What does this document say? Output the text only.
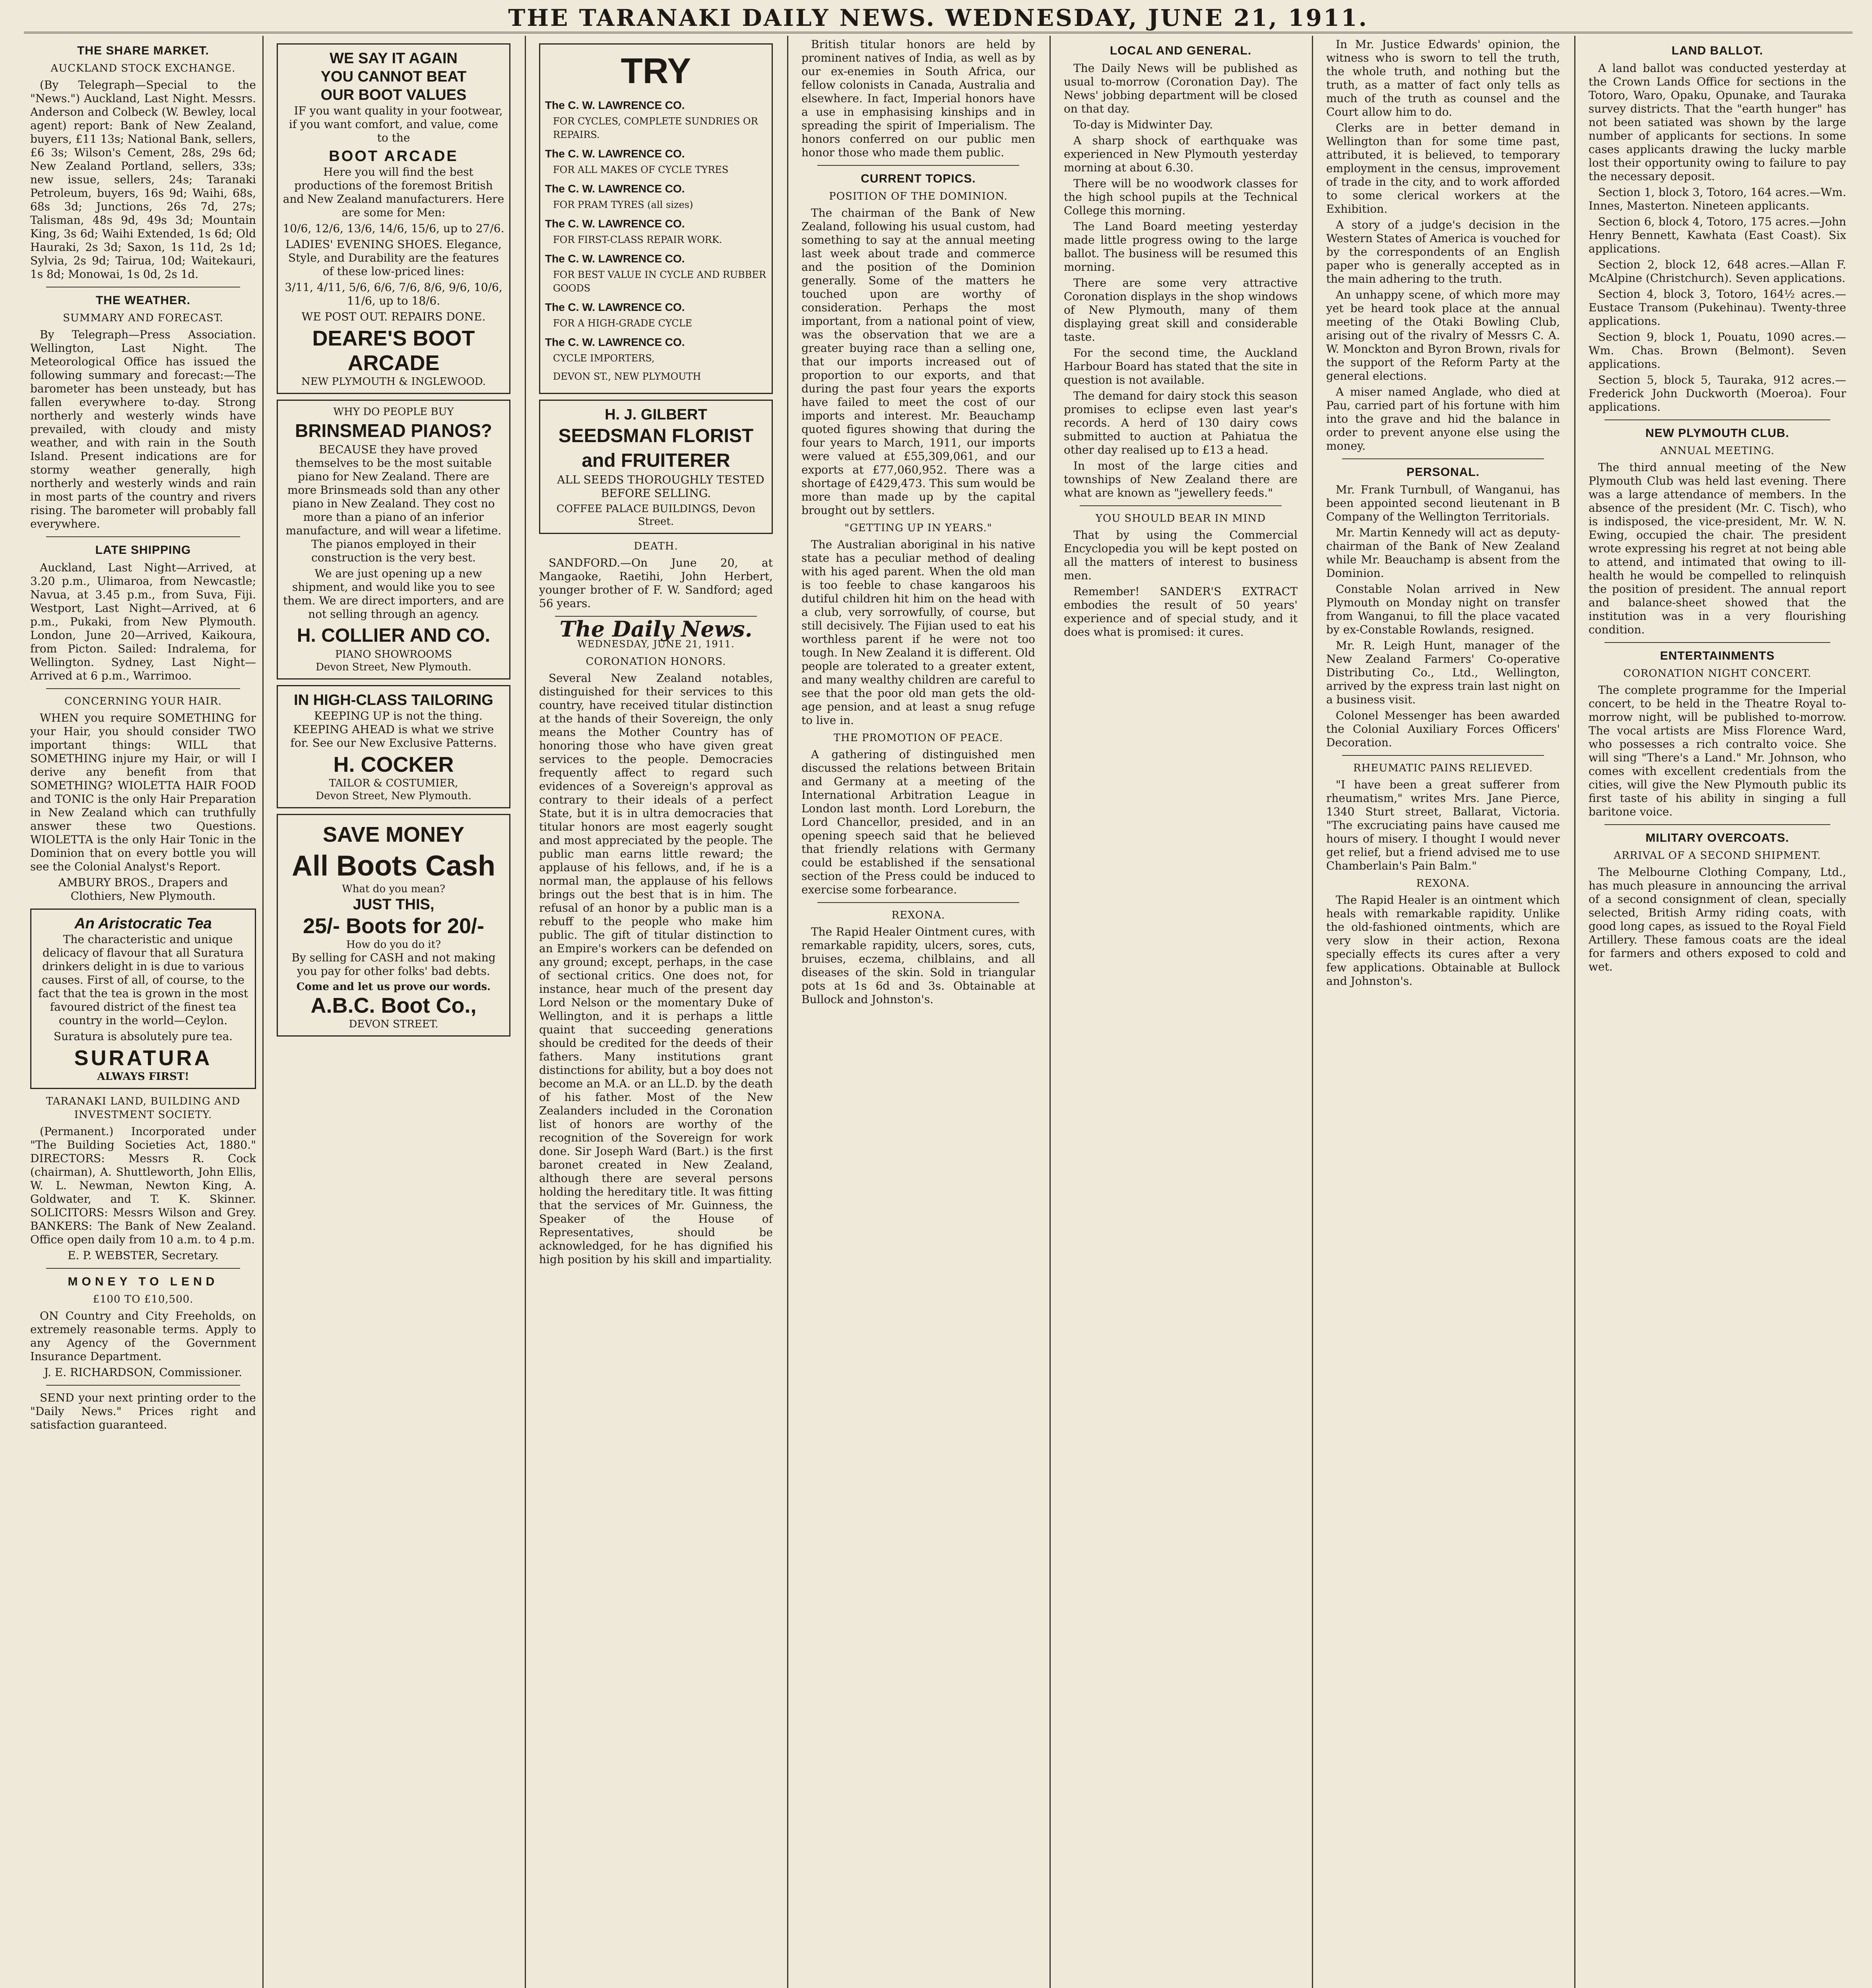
THE TARANAKI DAILY NEWS. WEDNESDAY, JUNE 21, 1911.
THE SHARE MARKET.
AUCKLAND STOCK EXCHANGE.

(By Telegraph—Special to the "News.") Auckland, Last Night. Messrs. Anderson and Colbeck (W. Bewley, local agent) report: Bank of New Zealand, buyers, £11 13s; National Bank, sellers, £6 3s; Wilson's Cement, 28s, 29s 6d; New Zealand Portland, sellers, 33s; new issue, sellers, 24s; Taranaki Petroleum, buyers, 16s 9d; Waihi, 68s, 68s 3d; Junctions, 26s 7d, 27s; Talisman, 48s 9d, 49s 3d; Mountain King, 3s 6d; Waihi Extended, 1s 6d; Old Hauraki, 2s 3d; Saxon, 1s 11d, 2s 1d; Sylvia, 2s 9d; Tairua, 10d; Waitekauri, 1s 8d; Monowai, 1s 0d, 2s 1d.

THE WEATHER.
SUMMARY AND FORECAST.

By Telegraph—Press Association. Wellington, Last Night. The Meteorological Office has issued the following summary and forecast:—The barometer has been unsteady, but has fallen everywhere to-day. Strong northerly and westerly winds have prevailed, with cloudy and misty weather, and with rain in the South Island. Present indications are for stormy weather generally, high northerly and westerly winds and rain in most parts of the country and rivers rising. The barometer will probably fall everywhere.

LATE SHIPPING

Auckland, Last Night—Arrived, at 3.20 p.m., Ulimaroa, from Newcastle; Navua, at 3.45 p.m., from Suva, Fiji. Westport, Last Night—Arrived, at 6 p.m., Pukaki, from New Plymouth. London, June 20—Arrived, Kaikoura, from Picton. Sailed: Indralema, for Wellington. Sydney, Last Night—Arrived at 6 p.m., Warrimoo.

CONCERNING YOUR HAIR.

WHEN you require SOMETHING for your Hair, you should consider TWO important things: WILL that SOMETHING injure my Hair, or will I derive any benefit from that SOMETHING? WIOLETTA HAIR FOOD and TONIC is the only Hair Preparation in New Zealand which can truthfully answer these two Questions. WIOLETTA is the only Hair Tonic in the Dominion that on every bottle you will see the Colonial Analyst's Report.

AMBURY BROS., Drapers and Clothiers, New Plymouth.

An Aristocratic Tea

The characteristic and unique delicacy of flavour that all Suratura drinkers delight in is due to various causes. First of all, of course, to the fact that the tea is grown in the most favoured district of the finest tea country in the world—Ceylon.

Suratura is absolutely pure tea.

SURATURA
ALWAYS FIRST!
TARANAKI LAND, BUILDING AND INVESTMENT SOCIETY.

(Permanent.) Incorporated under "The Building Societies Act, 1880." DIRECTORS: Messrs R. Cock (chairman), A. Shuttleworth, John Ellis, W. L. Newman, Newton King, A. Goldwater, and T. K. Skinner. SOLICITORS: Messrs Wilson and Grey. BANKERS: The Bank of New Zealand. Office open daily from 10 a.m. to 4 p.m.

E. P. WEBSTER, Secretary.

MONEY TO LEND
£100 TO £10,500.

ON Country and City Freeholds, on extremely reasonable terms. Apply to any Agency of the Government Insurance Department.

J. E. RICHARDSON, Commissioner.

SEND your next printing order to the "Daily News." Prices right and satisfaction guaranteed.

WE SAY IT AGAIN
YOU CANNOT BEAT
OUR BOOT VALUES

IF you want quality in your footwear, if you want comfort, and value, come to the

BOOT ARCADE

Here you will find the best productions of the foremost British and New Zealand manufacturers. Here are some for Men:

10/6, 12/6, 13/6, 14/6, 15/6, up to 27/6.

LADIES' EVENING SHOES. Elegance, Style, and Durability are the features of these low-priced lines:

3/11, 4/11, 5/6, 6/6, 7/6, 8/6, 9/6, 10/6, 11/6, up to 18/6.

WE POST OUT. REPAIRS DONE.

DEARE'S BOOT ARCADE
NEW PLYMOUTH & INGLEWOOD.
WHY DO PEOPLE BUY
BRINSMEAD PIANOS?

BECAUSE they have proved themselves to be the most suitable piano for New Zealand. There are more Brinsmeads sold than any other piano in New Zealand. They cost no more than a piano of an inferior manufacture, and will wear a lifetime. The pianos employed in their construction is the very best.

We are just opening up a new shipment, and would like you to see them. We are direct importers, and are not selling through an agency.

H. COLLIER AND CO.
PIANO SHOWROOMS
Devon Street, New Plymouth.
IN HIGH-CLASS TAILORING

KEEPING UP is not the thing. KEEPING AHEAD is what we strive for. See our New Exclusive Patterns.

H. COCKER
TAILOR & COSTUMIER,
Devon Street, New Plymouth.
SAVE MONEY
All Boots Cash
What do you mean?
JUST THIS,
25/- Boots for 20/-
How do you do it?

By selling for CASH and not making you pay for other folks' bad debts.

Come and let us prove our words.
A.B.C. Boot Co.,
DEVON STREET.
TRY
The C. W. LAWRENCE CO.
FOR CYCLES, COMPLETE SUNDRIES OR REPAIRS.
The C. W. LAWRENCE CO.
FOR ALL MAKES OF CYCLE TYRES
The C. W. LAWRENCE CO.
FOR PRAM TYRES (all sizes)
The C. W. LAWRENCE CO.
FOR FIRST-CLASS REPAIR WORK.
The C. W. LAWRENCE CO.
FOR BEST VALUE IN CYCLE AND RUBBER GOODS
The C. W. LAWRENCE CO.
FOR A HIGH-GRADE CYCLE
The C. W. LAWRENCE CO.
CYCLE IMPORTERS,
DEVON ST., NEW PLYMOUTH
H. J. GILBERT
SEEDSMAN FLORIST and FRUITERER

ALL SEEDS THOROUGHLY TESTED BEFORE SELLING.

COFFEE PALACE BUILDINGS, Devon Street.
DEATH.

SANDFORD.—On June 20, at Mangaoke, Raetihi, John Herbert, younger brother of F. W. Sandford; aged 56 years.

The Daily News.
WEDNESDAY, JUNE 21, 1911.
CORONATION HONORS.

Several New Zealand notables, distinguished for their services to this country, have received titular distinction at the hands of their Sovereign, the only means the Mother Country has of honoring those who have given great services to the people. Democracies frequently affect to regard such evidences of a Sovereign's approval as contrary to their ideals of a perfect State, but it is in ultra democracies that titular honors are most eagerly sought and most appreciated by the people. The public man earns little reward; the applause of his fellows, and, if he is a normal man, the applause of his fellows brings out the best that is in him. The refusal of an honor by a public man is a rebuff to the people who make him public. The gift of titular distinction to an Empire's workers can be defended on any ground; except, perhaps, in the case of sectional critics. One does not, for instance, hear much of the present day Lord Nelson or the momentary Duke of Wellington, and it is perhaps a little quaint that succeeding generations should be credited for the deeds of their fathers. Many institutions grant distinctions for ability, but a boy does not become an M.A. or an LL.D. by the death of his father. Most of the New Zealanders included in the Coronation list of honors are worthy of the recognition of the Sovereign for work done. Sir Joseph Ward (Bart.) is the first baronet created in New Zealand, although there are several persons holding the hereditary title. It was fitting that the services of Mr. Guinness, the Speaker of the House of Representatives, should be acknowledged, for he has dignified his high position by his skill and impartiality.

British titular honors are held by prominent natives of India, as well as by our ex-enemies in South Africa, our fellow colonists in Canada, Australia and elsewhere. In fact, Imperial honors have a use in emphasising kinships and in spreading the spirit of Imperialism. The honors conferred on our public men honor those who made them public.

CURRENT TOPICS.
POSITION OF THE DOMINION.

The chairman of the Bank of New Zealand, following his usual custom, had something to say at the annual meeting last week about trade and commerce and the position of the Dominion generally. Some of the matters he touched upon are worthy of consideration. Perhaps the most important, from a national point of view, was the observation that we are a greater buying race than a selling one, that our imports increased out of proportion to our exports, and that during the past four years the exports have failed to meet the cost of our imports and interest. Mr. Beauchamp quoted figures showing that during the four years to March, 1911, our imports were valued at £55,309,061, and our exports at £77,060,952. There was a shortage of £429,473. This sum would be more than made up by the capital brought out by settlers.

"GETTING UP IN YEARS."

The Australian aboriginal in his native state has a peculiar method of dealing with his aged parent. When the old man is too feeble to chase kangaroos his dutiful children hit him on the head with a club, very sorrowfully, of course, but still decisively. The Fijian used to eat his worthless parent if he were not too tough. In New Zealand it is different. Old people are tolerated to a greater extent, and many wealthy children are careful to see that the poor old man gets the old-age pension, and at least a snug refuge to live in.

THE PROMOTION OF PEACE.

A gathering of distinguished men discussed the relations between Britain and Germany at a meeting of the International Arbitration League in London last month. Lord Loreburn, the Lord Chancellor, presided, and in an opening speech said that he believed that friendly relations with Germany could be established if the sensational section of the Press could be induced to exercise some forbearance.

REXONA.

The Rapid Healer Ointment cures, with remarkable rapidity, ulcers, sores, cuts, bruises, eczema, chilblains, and all diseases of the skin. Sold in triangular pots at 1s 6d and 3s. Obtainable at Bullock and Johnston's.

LOCAL AND GENERAL.

The Daily News will be published as usual to-morrow (Coronation Day). The News' jobbing department will be closed on that day.

To-day is Midwinter Day.

A sharp shock of earthquake was experienced in New Plymouth yesterday morning at about 6.30.

There will be no woodwork classes for the high school pupils at the Technical College this morning.

The Land Board meeting yesterday made little progress owing to the large ballot. The business will be resumed this morning.

There are some very attractive Coronation displays in the shop windows of New Plymouth, many of them displaying great skill and considerable taste.

For the second time, the Auckland Harbour Board has stated that the site in question is not available.

The demand for dairy stock this season promises to eclipse even last year's records. A herd of 130 dairy cows submitted to auction at Pahiatua the other day realised up to £13 a head.

In most of the large cities and townships of New Zealand there are what are known as "jewellery feeds."

YOU SHOULD BEAR IN MIND

That by using the Commercial Encyclopedia you will be kept posted on all the matters of interest to business men.

Remember! SANDER'S EXTRACT embodies the result of 50 years' experience and of special study, and it does what is promised: it cures.

In Mr. Justice Edwards' opinion, the witness who is sworn to tell the truth, the whole truth, and nothing but the truth, as a matter of fact only tells as much of the truth as counsel and the Court allow him to do.

Clerks are in better demand in Wellington than for some time past, attributed, it is believed, to temporary employment in the census, improvement of trade in the city, and to work afforded to some clerical workers at the Exhibition.

A story of a judge's decision in the Western States of America is vouched for by the correspondents of an English paper who is generally accepted as in the main adhering to the truth.

An unhappy scene, of which more may yet be heard took place at the annual meeting of the Otaki Bowling Club, arising out of the rivalry of Messrs C. A. W. Monckton and Byron Brown, rivals for the support of the Reform Party at the general elections.

A miser named Anglade, who died at Pau, carried part of his fortune with him into the grave and hid the balance in order to prevent anyone else using the money.

PERSONAL.

Mr. Frank Turnbull, of Wanganui, has been appointed second lieutenant in B Company of the Wellington Territorials.

Mr. Martin Kennedy will act as deputy-chairman of the Bank of New Zealand while Mr. Beauchamp is absent from the Dominion.

Constable Nolan arrived in New Plymouth on Monday night on transfer from Wanganui, to fill the place vacated by ex-Constable Rowlands, resigned.

Mr. R. Leigh Hunt, manager of the New Zealand Farmers' Co-operative Distributing Co., Ltd., Wellington, arrived by the express train last night on a business visit.

Colonel Messenger has been awarded the Colonial Auxiliary Forces Officers' Decoration.

RHEUMATIC PAINS RELIEVED.

"I have been a great sufferer from rheumatism," writes Mrs. Jane Pierce, 1340 Sturt street, Ballarat, Victoria. "The excruciating pains have caused me hours of misery. I thought I would never get relief, but a friend advised me to use Chamberlain's Pain Balm."

REXONA.

The Rapid Healer is an ointment which heals with remarkable rapidity. Unlike the old-fashioned ointments, which are very slow in their action, Rexona specially effects its cures after a very few applications. Obtainable at Bullock and Johnston's.

LAND BALLOT.

A land ballot was conducted yesterday at the Crown Lands Office for sections in the Totoro, Waro, Opaku, Opunake, and Tauraka survey districts. That the "earth hunger" has not been satiated was shown by the large number of applicants for sections. In some cases applicants drawing the lucky marble lost their opportunity owing to failure to pay the necessary deposit.

Section 1, block 3, Totoro, 164 acres.—Wm. Innes, Masterton. Nineteen applicants.

Section 6, block 4, Totoro, 175 acres.—John Henry Bennett, Kawhata (East Coast). Six applications.

Section 2, block 12, 648 acres.—Allan F. McAlpine (Christchurch). Seven applications.

Section 4, block 3, Totoro, 164½ acres.—Eustace Transom (Pukehinau). Twenty-three applications.

Section 9, block 1, Pouatu, 1090 acres.—Wm. Chas. Brown (Belmont). Seven applications.

Section 5, block 5, Tauraka, 912 acres.—Frederick John Duckworth (Moeroa). Four applications.

NEW PLYMOUTH CLUB.
ANNUAL MEETING.

The third annual meeting of the New Plymouth Club was held last evening. There was a large attendance of members. In the absence of the president (Mr. C. Tisch), who is indisposed, the vice-president, Mr. W. N. Ewing, occupied the chair. The president wrote expressing his regret at not being able to attend, and intimated that owing to ill-health he would be compelled to relinquish the position of president. The annual report and balance-sheet showed that the institution was in a very flourishing condition.

ENTERTAINMENTS
CORONATION NIGHT CONCERT.

The complete programme for the Imperial concert, to be held in the Theatre Royal to-morrow night, will be published to-morrow. The vocal artists are Miss Florence Ward, who possesses a rich contralto voice. She will sing "There's a Land." Mr. Johnson, who comes with excellent credentials from the cities, will give the New Plymouth public its first taste of his ability in singing a full baritone voice.

MILITARY OVERCOATS.
ARRIVAL OF A SECOND SHIPMENT.

The Melbourne Clothing Company, Ltd., has much pleasure in announcing the arrival of a second consignment of clean, specially selected, British Army riding coats, with good long capes, as issued to the Royal Field Artillery. These famous coats are the ideal for farmers and others exposed to cold and wet.
